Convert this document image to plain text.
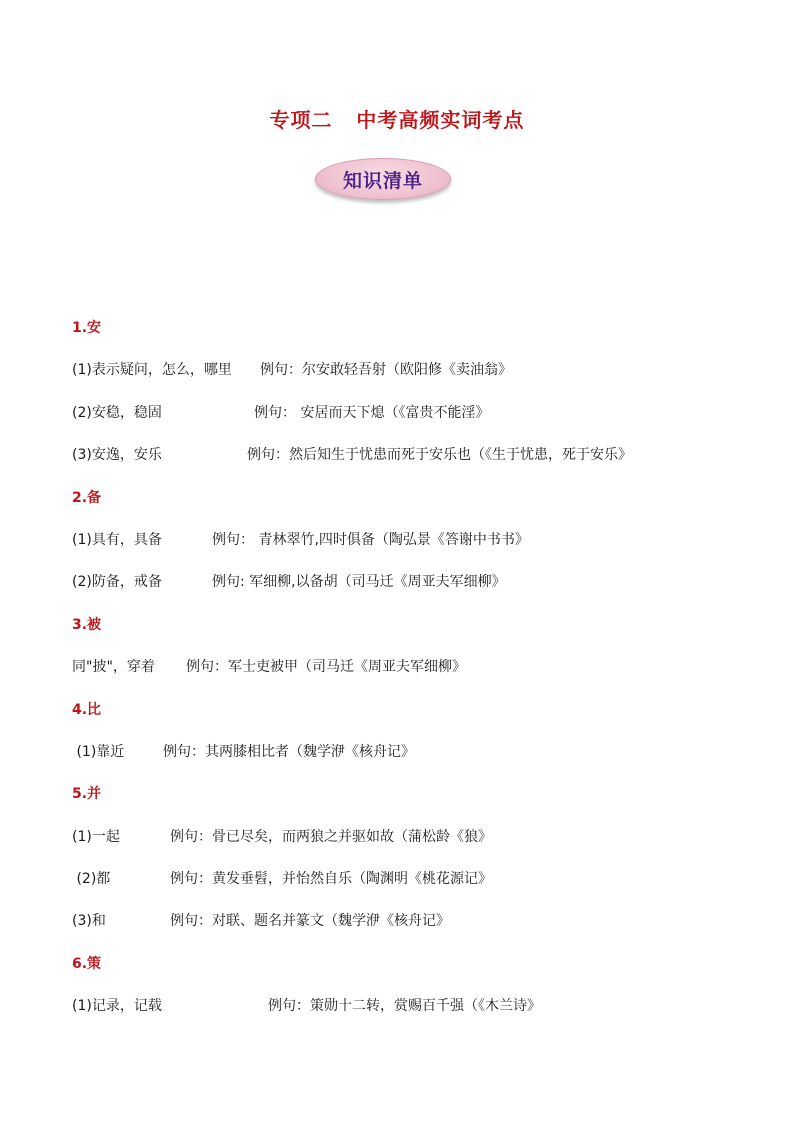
专项二   中考高频实词考点
知识清单
1.安
(1)表示疑问，怎么，哪里 例句：尔安敢轻吾射（欧阳修《卖油翁》
(2)安稳，稳固	例句： 安居而天下熄（《富贵不能淫》
(3)安逸，安乐	例句：然后知生于忧患而死于安乐也（《生于忧患，死于安乐》
2.备
(1)具有，具备	例句： 青林翠竹,四时俱备（陶弘景《答谢中书书》
(2)防备，戒备	例句: 军细柳,以备胡（司马迁《周亚夫军细柳》
3.被
同"披"，穿着 例句：军士吏被甲（司马迁《周亚夫军细柳》
4.比
(1)靠近	例句：其两膝相比者（魏学洢《核舟记》
5.并
(1)一起	例句：骨已尽矣，而两狼之并驱如故（蒲松龄《狼》
(2)都	例句：黄发垂髫，并怡然自乐（陶渊明《桃花源记》
(3)和	例句：对联、题名并篆文（魏学洢《核舟记》
6.策
(1)记录，记载	例句：策勋十二转，赏赐百千强（《木兰诗》
